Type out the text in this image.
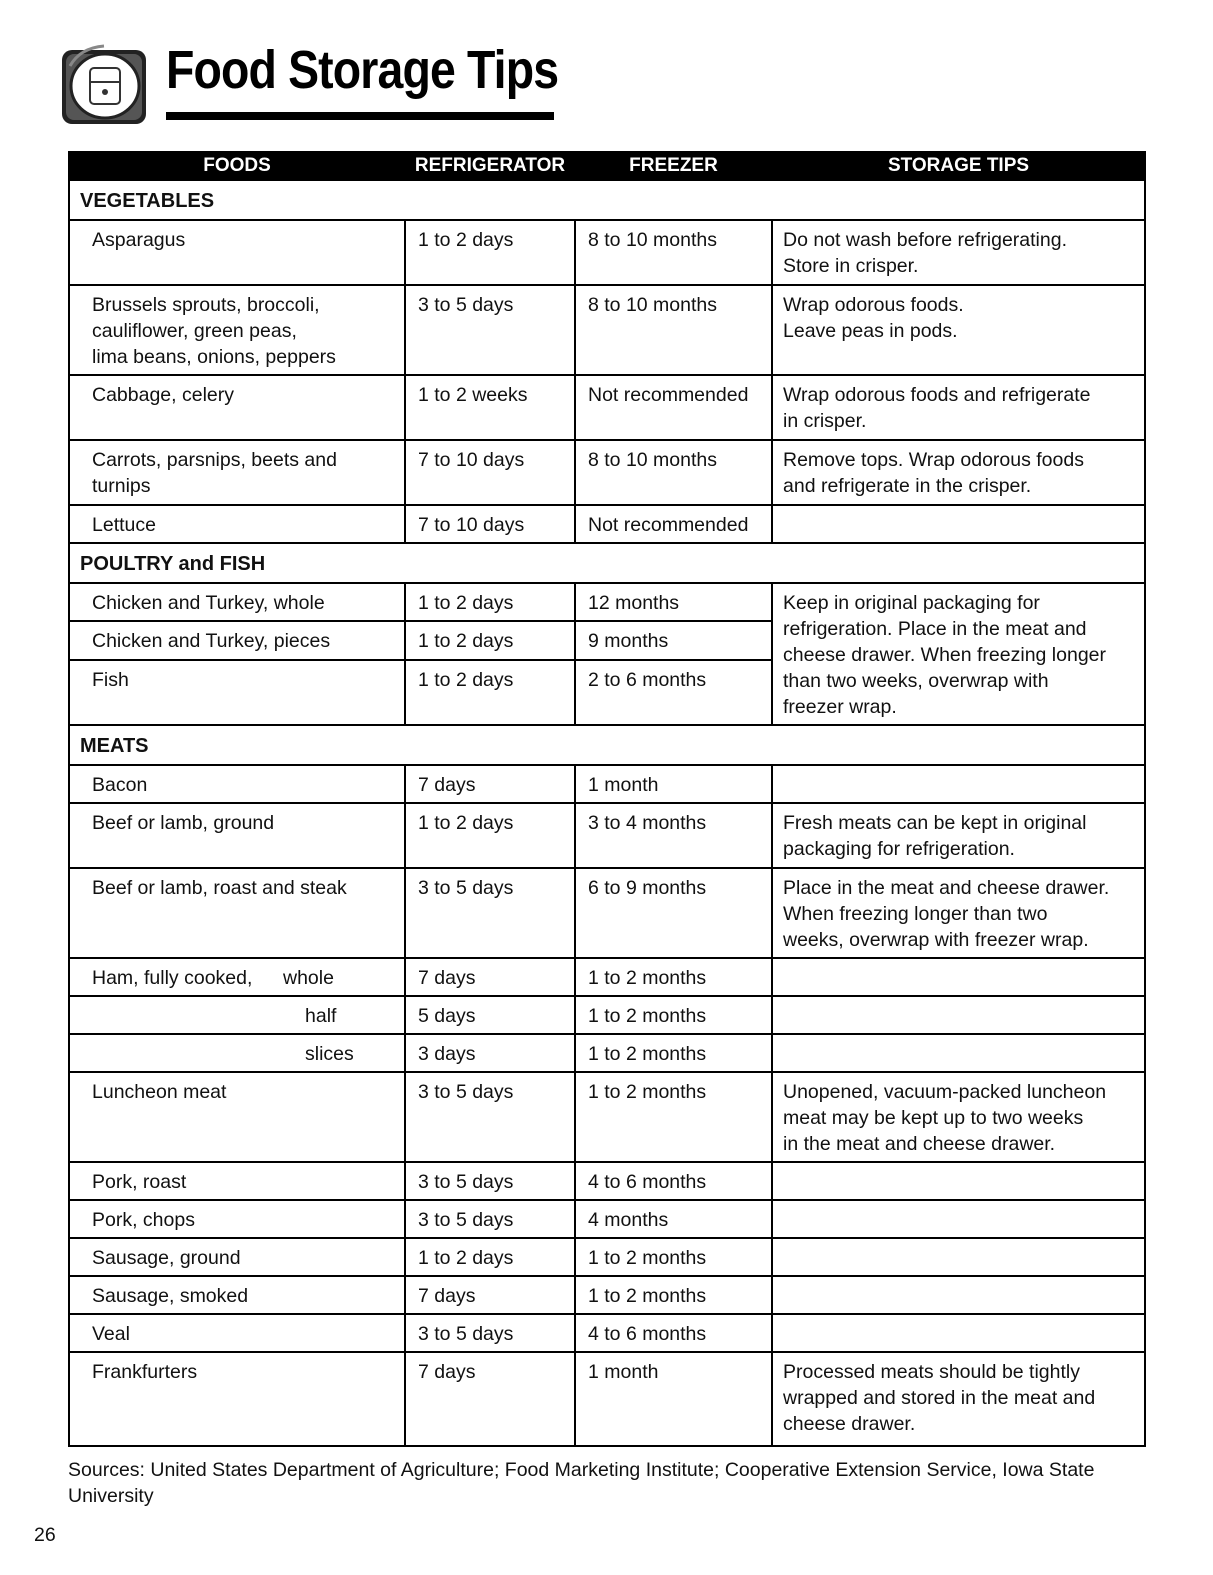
Food Storage Tips
FOODS	REFRIGERATOR	FREEZER	STORAGE TIPS
VEGETABLES			
Asparagus	1 to 2 days	8 to 10 months	Do not wash before refrigerating.
Store in crisper.
Brussels sprouts, broccoli,
cauliflower, green peas,
lima beans, onions, peppers	3 to 5 days	8 to 10 months	Wrap odorous foods.
Leave peas in pods.
Cabbage, celery	1 to 2 weeks	Not recommended	Wrap odorous foods and refrigerate
in crisper.
Carrots, parsnips, beets and
turnips	7 to 10 days	8 to 10 months	Remove tops. Wrap odorous foods
and refrigerate in the crisper.
Lettuce	7 to 10 days	Not recommended	
POULTRY and FISH			
Chicken and Turkey, whole	1 to 2 days	12 months	Keep in original packaging for
refrigeration. Place in the meat and
cheese drawer. When freezing longer
than two weeks, overwrap with
freezer wrap.
Chicken and Turkey, pieces	1 to 2 days	9 months	
Fish	1 to 2 days	2 to 6 months	
MEATS			
Bacon	7 days	1 month	
Beef or lamb, ground	1 to 2 days	3 to 4 months	Fresh meats can be kept in original
packaging for refrigeration.
Beef or lamb, roast and steak	3 to 5 days	6 to 9 months	Place in the meat and cheese drawer.
When freezing longer than two
weeks, overwrap with freezer wrap.

Ham, fully cooked, whole	7 days	1 to 2 months	

half	5 days	1 to 2 months	

slices	3 days	1 to 2 months	
Luncheon meat	3 to 5 days	1 to 2 months	Unopened, vacuum-packed luncheon
meat may be kept up to two weeks
in the meat and cheese drawer.
Pork, roast	3 to 5 days	4 to 6 months	
Pork, chops	3 to 5 days	4 months	
Sausage, ground	1 to 2 days	1 to 2 months	
Sausage, smoked	7 days	1 to 2 months	
Veal	3 to 5 days	4 to 6 months	
Frankfurters	7 days	1 month	Processed meats should be tightly
wrapped and stored in the meat and
cheese drawer.
Sources: United States Department of Agriculture; Food Marketing Institute; Cooperative Extension Service, Iowa State University
26
